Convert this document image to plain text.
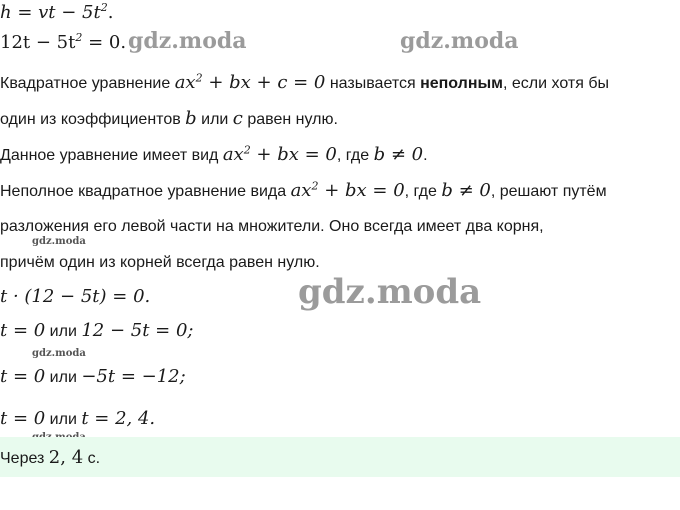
gdz.moda	gdz.moda
gdz.moda
gdz.moda
gdz.moda
h = vt − $5t^2$.
$12t - 5t^2 = 0$.
Квадратное уравнение $ax^2$ + bx + c = 0 называется неполным, если хотя бы
один из коэффициентов b или c равен нулю.
Данное уравнение имеет вид $ax^2$ + bx = 0, где b ≠ 0.
Неполное квадратное уравнение вида $ax^2$ + bx = 0, где b ≠ 0, решают путём
разложения его левой части на множители. Оно всегда имеет два корня,
причём один из корней всегда равен нулю.
t · (12 − 5t) = 0.
t = 0 или 12 − 5t = 0;
t = 0 или −5t = −12;
t = 0 или t = 2, 4.
Через 2, 4 с.
